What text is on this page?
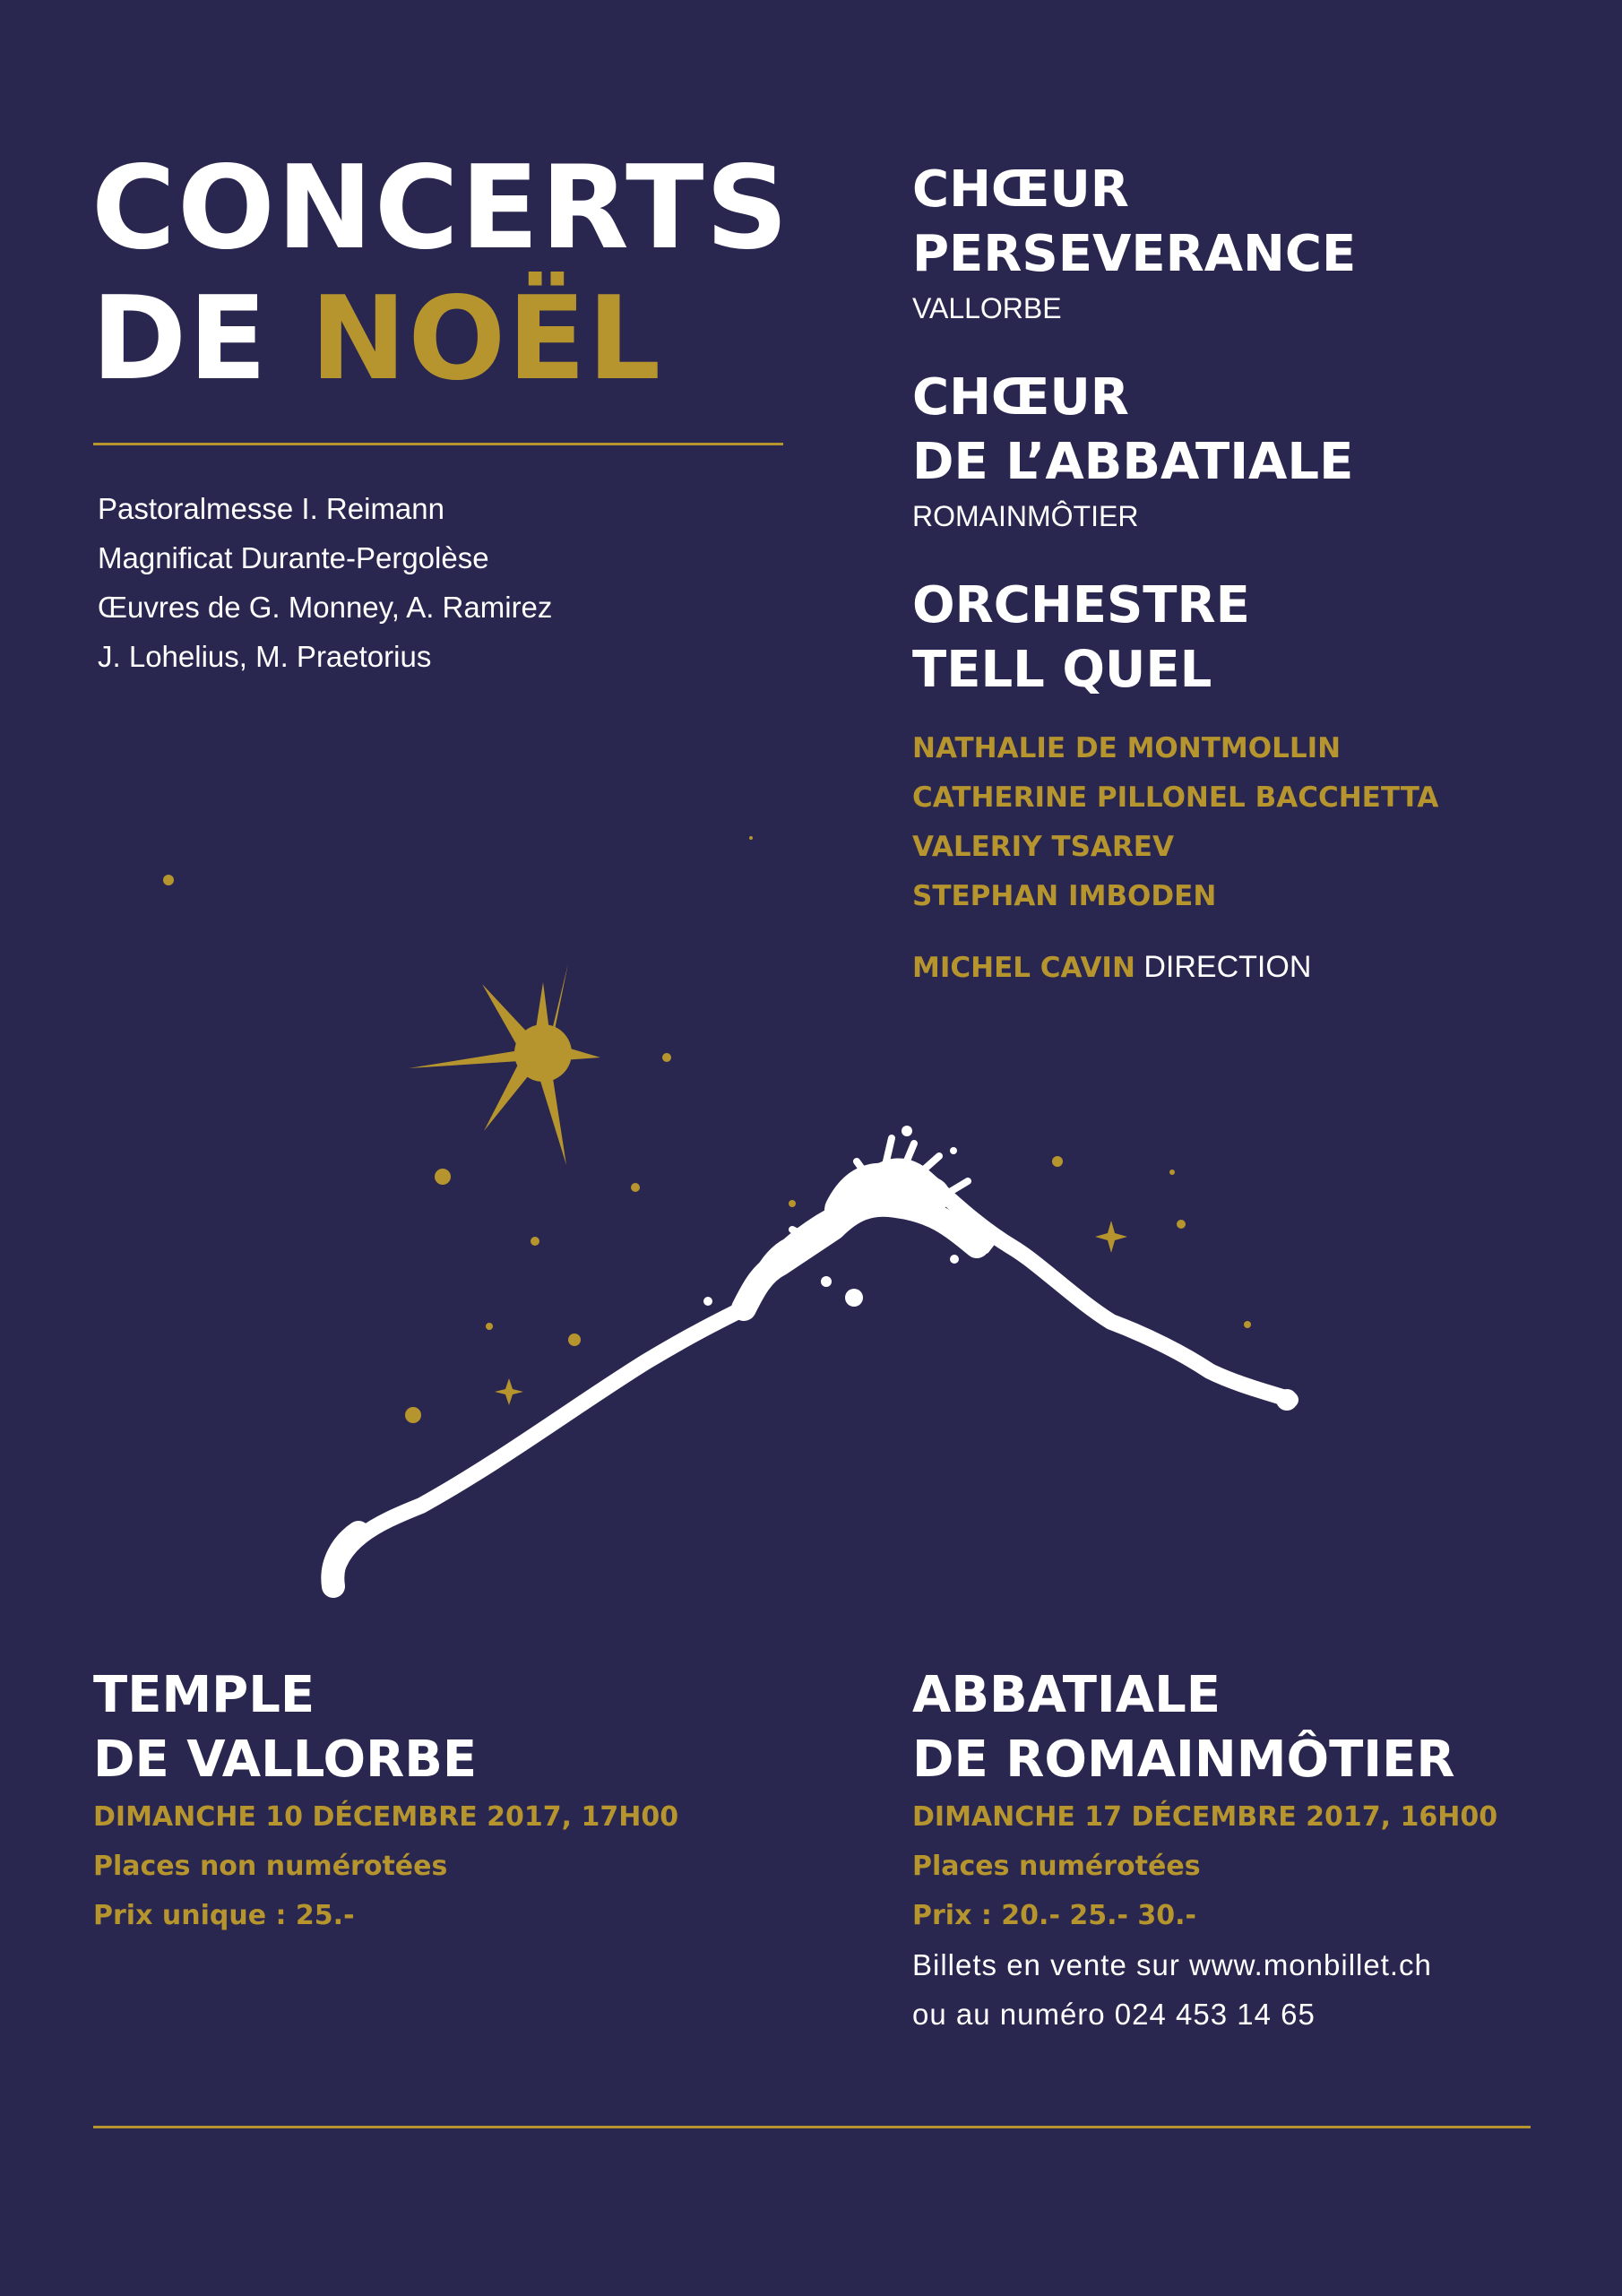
CONCERTS
DE NOËL
Pastoralmesse I. Reimann
Magnificat Durante-Pergolèse
Œuvres de G. Monney, A. Ramirez
J. Lohelius, M. Praetorius
CHŒUR
PERSEVERANCE
VALLORBE
CHŒUR
DE L’ABBATIALE
ROMAINMÔTIER
ORCHESTRE
TELL QUEL
NATHALIE DE MONTMOLLIN
CATHERINE PILLONEL BACCHETTA
VALERIY TSAREV
STEPHAN IMBODEN
MICHEL CAVIN DIRECTION
TEMPLE
DE VALLORBE
DIMANCHE 10 DÉCEMBRE 2017, 17H00
Places non numérotées
Prix unique : 25.-
ABBATIALE
DE ROMAINMÔTIER
DIMANCHE 17 DÉCEMBRE 2017, 16H00
Places numérotées
Prix : 20.- 25.- 30.-
Billets en vente sur www.monbillet.ch
ou au numéro 024 453 14 65
